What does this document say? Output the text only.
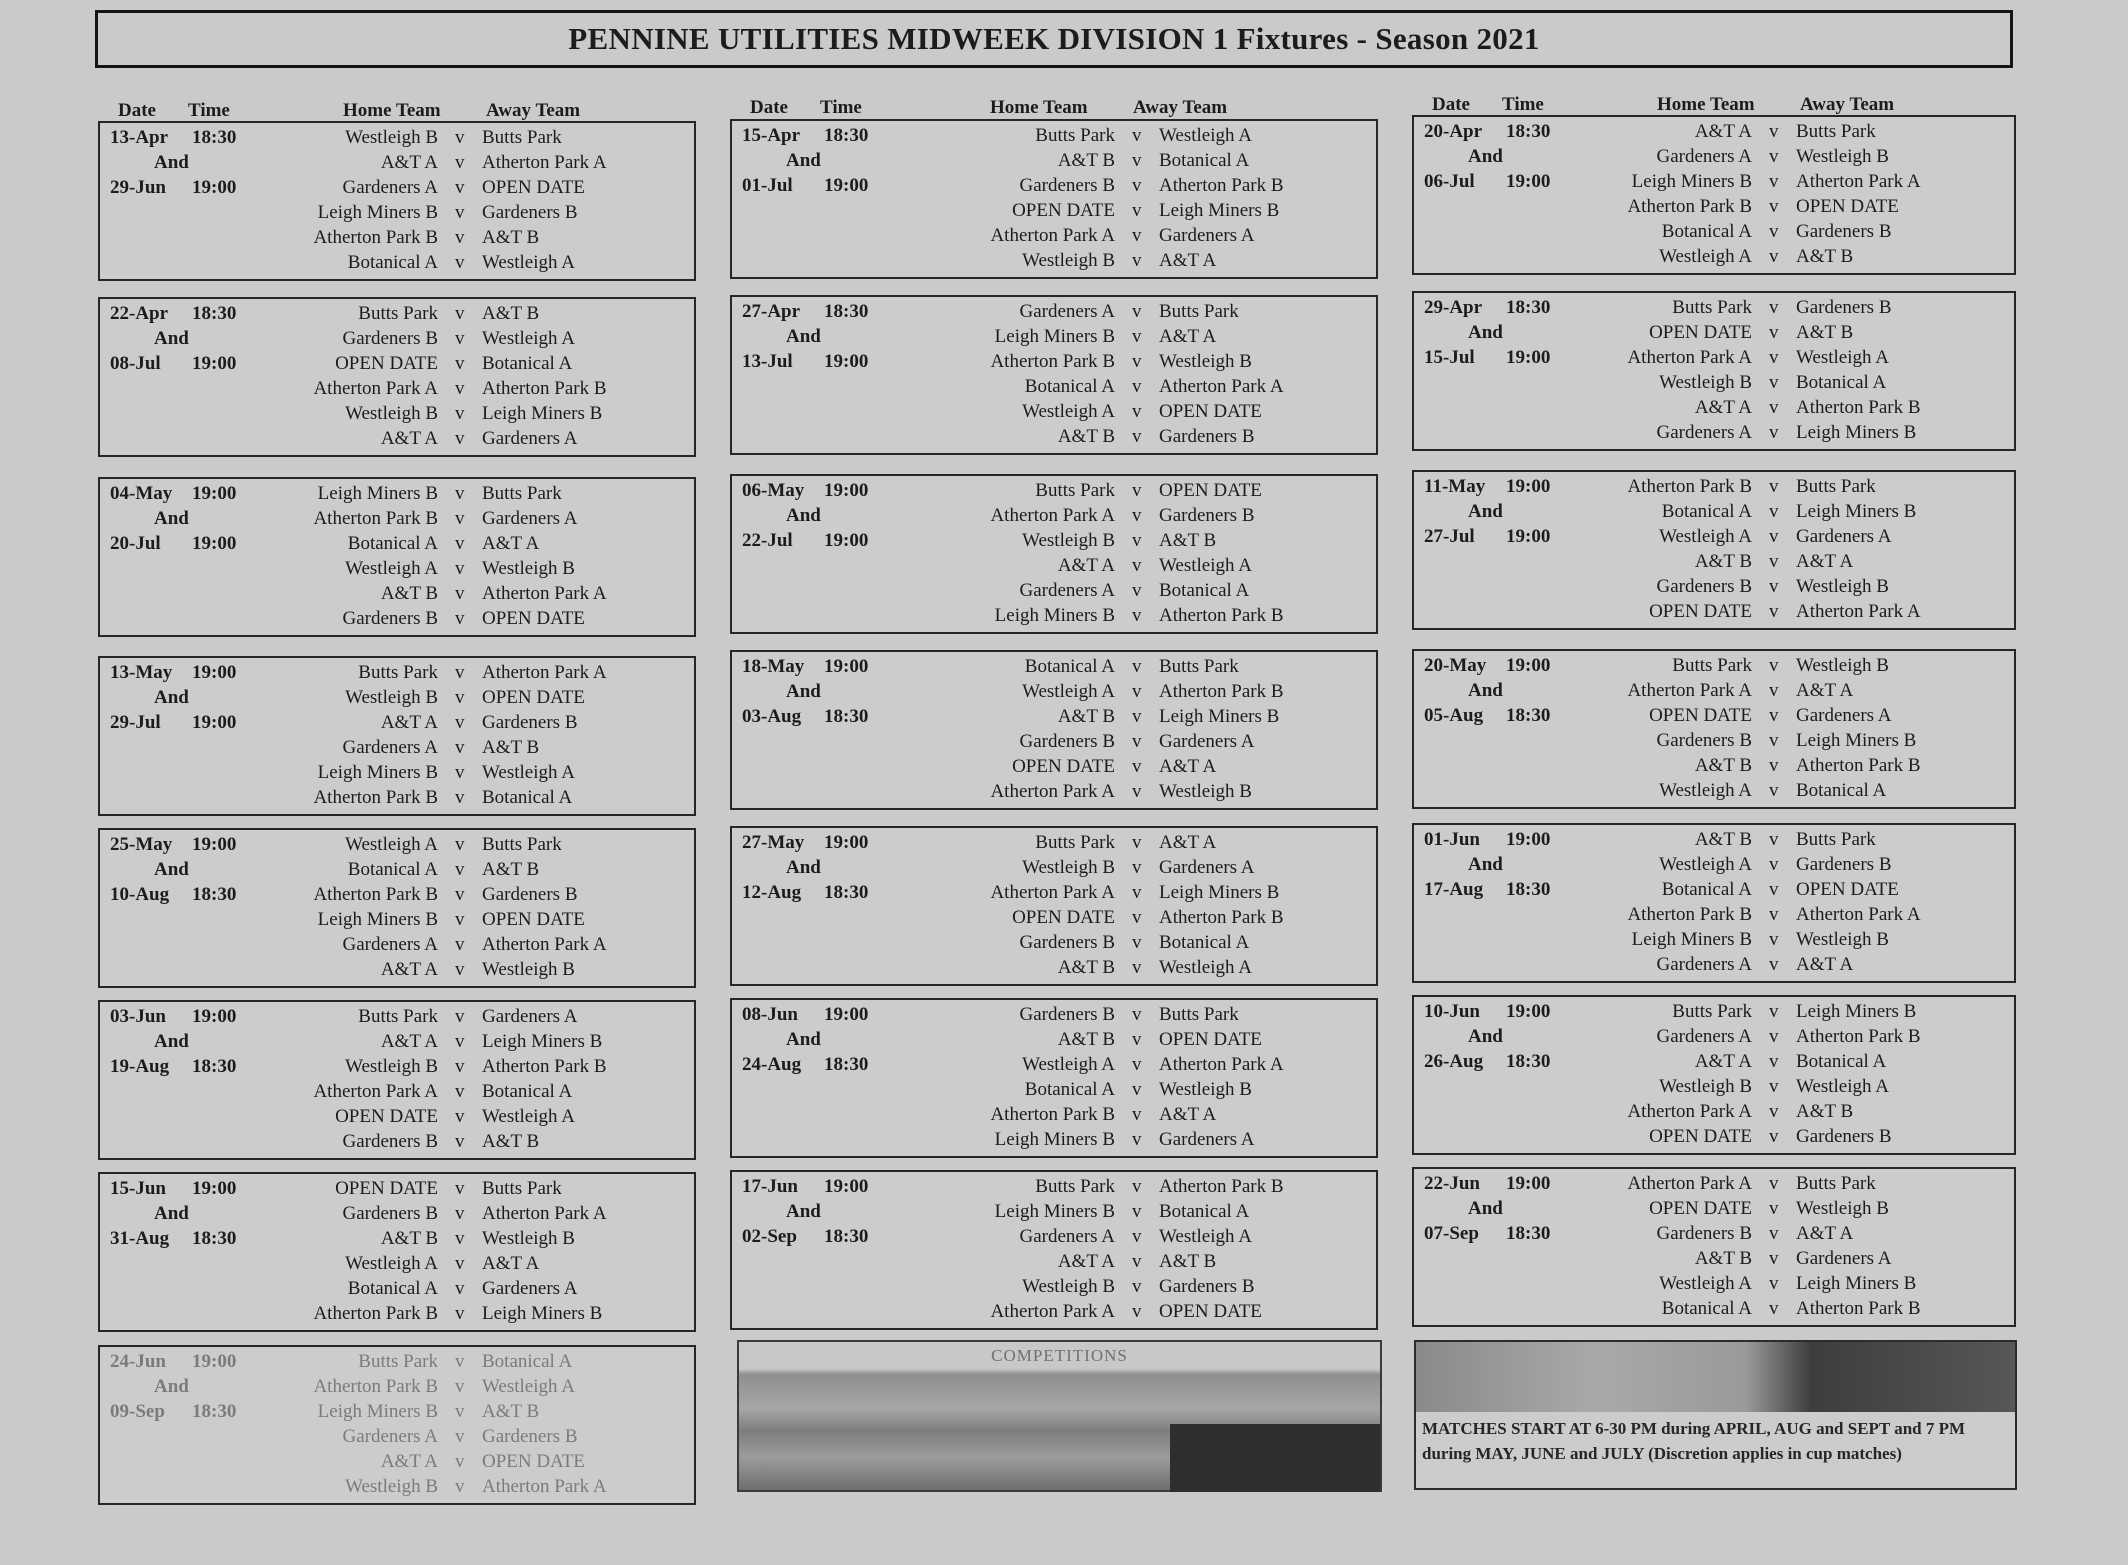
PENNINE UTILITIES MIDWEEK DIVISION 1 Fixtures - Season 2021
Date Time	Home Team Away Team	Date Time	Home Team Away Team	Date Time	Home Team Away Team
13-Apr 18:30	Westleigh B v Butts Park
And	A&T A v Atherton Park A
29-Jun 19:00	Gardeners A v OPEN DATE
Leigh Miners B v Gardeners B
Atherton Park B v A&T B
Botanical A v Westleigh A
15-Apr 18:30	Butts Park v Westleigh A
And	A&T B v Botanical A
01-Jul 19:00	Gardeners B v Atherton Park B
OPEN DATE v Leigh Miners B
Atherton Park A v Gardeners A
Westleigh B v A&T A
20-Apr 18:30	A&T A v Butts Park
And	Gardeners A v Westleigh B
06-Jul 19:00	Leigh Miners B v Atherton Park A
Atherton Park B v OPEN DATE
Botanical A v Gardeners B
Westleigh A v A&T B
22-Apr 18:30	Butts Park v A&T B
And	Gardeners B v Westleigh A
08-Jul 19:00	OPEN DATE v Botanical A
Atherton Park A v Atherton Park B
Westleigh B v Leigh Miners B
A&T A v Gardeners A
27-Apr 18:30	Gardeners A v Butts Park
And	Leigh Miners B v A&T A
13-Jul 19:00	Atherton Park B v Westleigh B
Botanical A v Atherton Park A
Westleigh A v OPEN DATE
A&T B v Gardeners B
29-Apr 18:30	Butts Park v Gardeners B
And	OPEN DATE v A&T B
15-Jul 19:00	Atherton Park A v Westleigh A
Westleigh B v Botanical A
A&T A v Atherton Park B
Gardeners A v Leigh Miners B
04-May 19:00	Leigh Miners B v Butts Park
And	Atherton Park B v Gardeners A
20-Jul 19:00	Botanical A v A&T A
Westleigh A v Westleigh B
A&T B v Atherton Park A
Gardeners B v OPEN DATE
06-May 19:00	Butts Park v OPEN DATE
And	Atherton Park A v Gardeners B
22-Jul 19:00	Westleigh B v A&T B
A&T A v Westleigh A
Gardeners A v Botanical A
Leigh Miners B v Atherton Park B
11-May 19:00	Atherton Park B v Butts Park
And	Botanical A v Leigh Miners B
27-Jul 19:00	Westleigh A v Gardeners A
A&T B v A&T A
Gardeners B v Westleigh B
OPEN DATE v Atherton Park A
13-May 19:00	Butts Park v Atherton Park A
And	Westleigh B v OPEN DATE
29-Jul 19:00	A&T A v Gardeners B
Gardeners A v A&T B
Leigh Miners B v Westleigh A
Atherton Park B v Botanical A
18-May 19:00	Botanical A v Butts Park
And	Westleigh A v Atherton Park B
03-Aug 18:30	A&T B v Leigh Miners B
Gardeners B v Gardeners A
OPEN DATE v A&T A
Atherton Park A v Westleigh B
20-May 19:00	Butts Park v Westleigh B
And	Atherton Park A v A&T A
05-Aug 18:30	OPEN DATE v Gardeners A
Gardeners B v Leigh Miners B
A&T B v Atherton Park B
Westleigh A v Botanical A
25-May 19:00	Westleigh A v Butts Park
And	Botanical A v A&T B
10-Aug 18:30	Atherton Park B v Gardeners B
Leigh Miners B v OPEN DATE
Gardeners A v Atherton Park A
A&T A v Westleigh B
27-May 19:00	Butts Park v A&T A
And	Westleigh B v Gardeners A
12-Aug 18:30	Atherton Park A v Leigh Miners B
OPEN DATE v Atherton Park B
Gardeners B v Botanical A
A&T B v Westleigh A
01-Jun 19:00	A&T B v Butts Park
And	Westleigh A v Gardeners B
17-Aug 18:30	Botanical A v OPEN DATE
Atherton Park B v Atherton Park A
Leigh Miners B v Westleigh B
Gardeners A v A&T A
03-Jun 19:00	Butts Park v Gardeners A
And	A&T A v Leigh Miners B
19-Aug 18:30	Westleigh B v Atherton Park B
Atherton Park A v Botanical A
OPEN DATE v Westleigh A
Gardeners B v A&T B
08-Jun 19:00	Gardeners B v Butts Park
And	A&T B v OPEN DATE
24-Aug 18:30	Westleigh A v Atherton Park A
Botanical A v Westleigh B
Atherton Park B v A&T A
Leigh Miners B v Gardeners A
10-Jun 19:00	Butts Park v Leigh Miners B
And	Gardeners A v Atherton Park B
26-Aug 18:30	A&T A v Botanical A
Westleigh B v Westleigh A
Atherton Park A v A&T B
OPEN DATE v Gardeners B
15-Jun 19:00	OPEN DATE v Butts Park
And	Gardeners B v Atherton Park A
31-Aug 18:30	A&T B v Westleigh B
Westleigh A v A&T A
Botanical A v Gardeners A
Atherton Park B v Leigh Miners B
17-Jun 19:00	Butts Park v Atherton Park B
And	Leigh Miners B v Botanical A
02-Sep 18:30	Gardeners A v Westleigh A
A&T A v A&T B
Westleigh B v Gardeners B
Atherton Park A v OPEN DATE
22-Jun 19:00	Atherton Park A v Butts Park
And	OPEN DATE v Westleigh B
07-Sep 18:30	Gardeners B v A&T A
A&T B v Gardeners A
Westleigh A v Leigh Miners B
Botanical A v Atherton Park B
24-Jun 19:00	Butts Park v Botanical A
And	Atherton Park B v Westleigh A
09-Sep 18:30	Leigh Miners B v A&T B
Gardeners A v Gardeners B
A&T A v OPEN DATE
Westleigh B v Atherton Park A
COMPETITIONS
MATCHES START AT 6-30 PM during APRIL, AUG and SEPT and 7 PM during MAY, JUNE and JULY (Discretion applies in cup matches)
